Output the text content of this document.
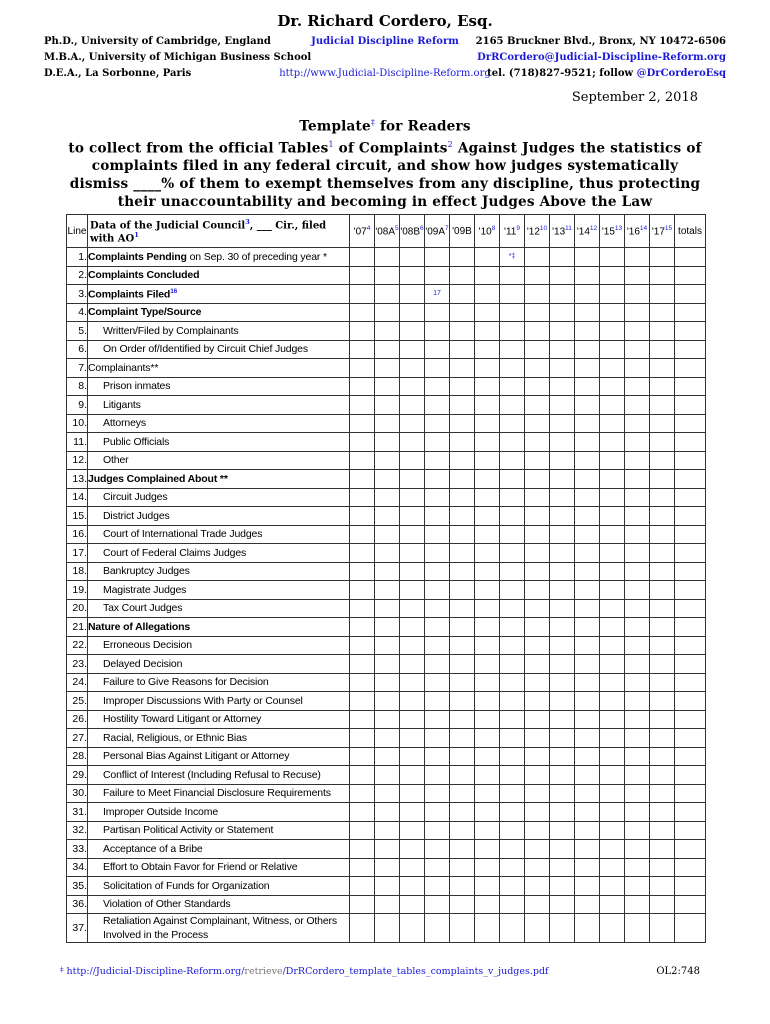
Dr. Richard Cordero, Esq.
Ph.D., University of Cambridge, England
M.B.A., University of Michigan Business School
D.E.A., La Sorbonne, Paris
Judicial Discipline Reform

http://www.Judicial-Discipline-Reform.org
2165 Bruckner Blvd., Bronx, NY 10472-6506
DrRCordero@Judicial-Discipline-Reform.org
tel. (718)827-9521; follow @DrCorderoEsq
September 2, 2018
Template‡ for Readers
to collect from the official Tables$^1$ of Complaints$^2$ Against Judges the statistics of
complaints filed in any federal circuit, and show how judges systematically
dismiss ____% of them to exempt themselves from any discipline, thus protecting
their unaccountability and becoming in effect Judges Above the Law
Line	Data of the Judicial Council$^3$, ___ Cir., filed with $AO^1$	'$07^4$	'$08A^5$	'$08B^6$	'$09A^7$	'09B	'$10^8$	'$11^9$	'$12^{10}$	'$13^{11}$	'$14^{12}$	'$15^{13}$	'$16^{14}$	'$17^{15}$	totals
1.	Complaints Pending on Sep. 30 of preceding year *							*‡							
2.	Complaints Concluded														
3.	Complaints Filed$^{16}$				17										
4.	Complaint Type/Source														
5.	Written/Filed by Complainants														
6.	On Order of/Identified by Circuit Chief Judges														
7.	Complainants**														
8.	Prison inmates														
9.	Litigants														
10.	Attorneys														
11.	Public Officials														
12.	Other														
13.	Judges Complained About **														
14.	Circuit Judges														
15.	District Judges														
16.	Court of International Trade Judges														
17.	Court of Federal Claims Judges														
18.	Bankruptcy Judges														
19.	Magistrate Judges														
20.	Tax Court Judges														
21.	Nature of Allegations														
22.	Erroneous Decision														
23.	Delayed Decision														
24.	Failure to Give Reasons for Decision														
25.	Improper Discussions With Party or Counsel														
26.	Hostility Toward Litigant or Attorney														
27.	Racial, Religious, or Ethnic Bias														
28.	Personal Bias Against Litigant or Attorney														
29.	Conflict of Interest (Including Refusal to Recuse)														
30.	Failure to Meet Financial Disclosure Requirements														
31.	Improper Outside Income														
32.	Partisan Political Activity or Statement														
33.	Acceptance of a Bribe														
34.	Effort to Obtain Favor for Friend or Relative														
35.	Solicitation of Funds for Organization														
36.	Violation of Other Standards														
37.	Retaliation Against Complainant, Witness, or Others Involved in the Process														
‡ http://Judicial-Discipline-Reform.org/retrieve/DrRCordero_template_tables_complaints_v_judges.pdf	OL2:748
